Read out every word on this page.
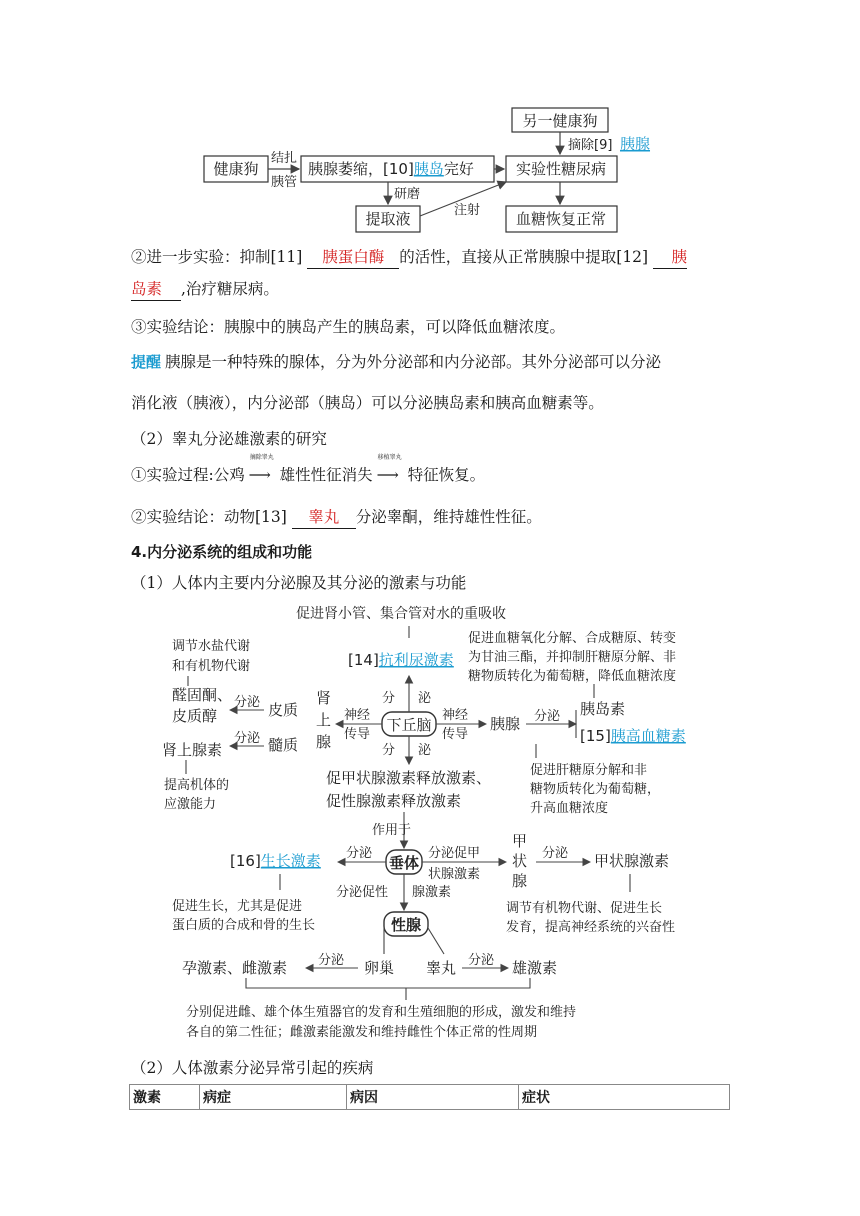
另一健康狗
摘除[9] 胰腺
健康狗
结扎
胰管
胰腺萎缩，[10]胰岛完好	实验性糖尿病
研磨
注射
提取液	血糖恢复正常
②进一步实验：抑制[11] 胰蛋白酶 的活性，直接从正常胰腺中提取[12] 胰
岛素 ,治疗糖尿病。
③实验结论：胰腺中的胰岛产生的胰岛素，可以降低血糖浓度。
提醒 胰腺是一种特殊的腺体，分为外分泌部和内分泌部。其外分泌部可以分泌
消化液（胰液），内分泌部（胰岛）可以分泌胰岛素和胰高血糖素等。
（2）睾丸分泌雄激素的研究
①实验过程:公鸡
摘除睾丸
⟶ 雄性性征消失
移植睾丸
⟶ 特征恢复。
②实验结论：动物[13] 睾丸 分泌睾酮，维持雄性性征。
4.内分泌系统的组成和功能
（1）人体内主要内分泌腺及其分泌的激素与功能
促进肾小管、集合管对水的重吸收
调节水盐代谢
和有机物代谢	[14]抗利尿激素
促进血糖氧化分解、合成糖原、转变
为甘油三酯，并抑制肝糖原分解、非
糖物质转化为葡萄糖，降低血糖浓度
醛固酮、
皮质醇
分泌 皮质
肾
上
腺
分 泌
神经
传导
下丘脑
神经
传导
胰腺 分泌 胰岛素
[15]胰高血糖素
分泌 髓质
肾上腺素	分 泌
提高机体的
应激能力
促甲状腺激素释放激素、
促性腺激素释放激素
促进肝糖原分解和非
糖物质转化为葡萄糖，
升高血糖浓度
作用于
[16]生长激素 分泌
垂体
分泌促甲
状腺激素
甲
状
腺
分泌 甲状腺激素
分泌促性 腺激素
促进生长，尤其是促进
蛋白质的合成和骨的生长
调节有机物代谢、促进生长
发育，提高神经系统的兴奋性
性腺
孕激素、雌激素 分泌 卵巢 睾丸 分泌 雄激素
分别促进雌、雄个体生殖器官的发育和生殖细胞的形成，激发和维持
各自的第二性征；雌激素能激发和维持雌性个体正常的性周期
（2）人体激素分泌异常引起的疾病
激素	病症	病因	症状
